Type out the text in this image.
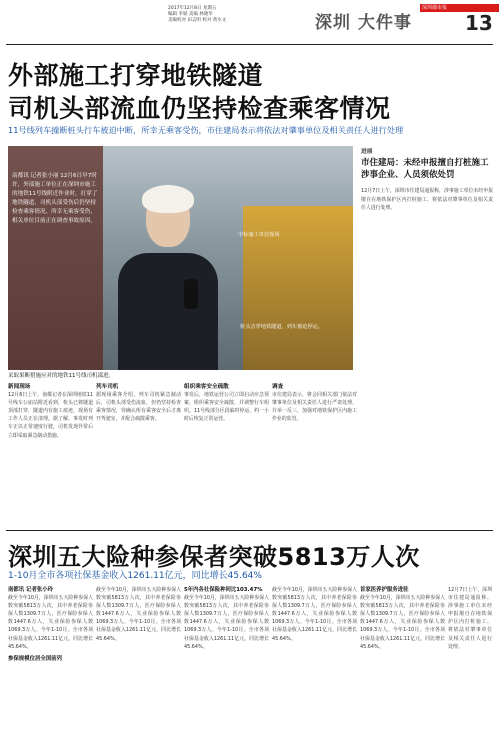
2017年12月8日 星期五
编辑 李斌 美编 林晓华
美编校对 田志明 校对 黄水文
深圳都市报
深圳 大件事	13
外部施工打穿地铁隧道
司机头部流血仍坚持检查乘客情况
11号线列车撞断桩头行车被迫中断，所幸无乘客受伤，市住建局表示将依法对肇事单位及相关责任人进行处理
中标施工单位现场
桩头击穿地铁隧道，列车被迫停运。
南都讯 记者张小丽 12月6日早7时许，外部施工单位正在深圳市施工的地铁11号线附近作业时，打穿了地铁隧道，司机头部受伤后仍坚持检查乘客情况。所幸无乘客受伤，相关单位目前正在调查事故原因。
采取果断措施应对的地铁11号线司机邵进。
新闻现场
12月6日上午，南都记者在深圳地铁11号线车公庙站附近看到，桩头已将隧道顶部打穿，隧道内有施工痕迹，现场有工作人员正在清理。据了解，事发时列车正以正常速度行驶，司机发现异常后立即采取紧急制动措施。
列车司机
据现场乘客介绍，列车司机紧急制动后，司机头部受伤流血，但仍坚持检查乘客情况，待确认所有乘客安全后才离开驾驶室，并配合疏散乘客。
组织乘客安全疏散
事发后，地铁运营公司立即启动应急预案，组织乘客安全疏散，并调整行车组织。11号线部分区段临时停运，约一小时后恢复正常运营。
调查
市住建局表示，将会同相关部门依法对肇事单位及相关责任人进行严肃处理，并举一反三，加强对地铁保护区内施工作业的监管。
进展
市住建局：未经申报擅自打桩施工涉事企业、人员须依处罚
12月7日上午，深圳市住建局通报称，涉事施工单位未经申报擅自在地铁保护区内打桩施工，将依法对肇事单位及相关责任人进行处理。
深圳五大险种参保者突破5813万人次
1-10月全市各项社保基金收入1261.11亿元，同比增长45.64%
南都讯 记者张小玲
截至今年10月，深圳市五大险种参保人数突破5813万人次，其中养老保险参保人数1309.7万人，医疗保险参保人数1447.6万人，失业保险参保人数1069.3万人。今年1-10月，全市各项社保基金收入1261.11亿元，同比增长45.64%。
参保规模位居全国前列
截至今年10月，深圳市五大险种参保人数突破5813万人次，其中养老保险参保人数1309.7万人，医疗保险参保人数1447.6万人，失业保险参保人数1069.3万人。今年1-10月，全市各项社保基金收入1261.11亿元，同比增长45.64%。
5年内各社保险种同比103.47%
截至今年10月，深圳市五大险种参保人数突破5813万人次，其中养老保险参保人数1309.7万人，医疗保险参保人数1447.6万人，失业保险参保人数1069.3万人。今年1-10月，全市各项社保基金收入1261.11亿元，同比增长45.64%。
截至今年10月，深圳市五大险种参保人数突破5813万人次，其中养老保险参保人数1309.7万人，医疗保险参保人数1447.6万人，失业保险参保人数1069.3万人。今年1-10月，全市各项社保基金收入1261.11亿元，同比增长45.64%。
首家医养护服务进驻
截至今年10月，深圳市五大险种参保人数突破5813万人次，其中养老保险参保人数1309.7万人，医疗保险参保人数1447.6万人，失业保险参保人数1069.3万人。今年1-10月，全市各项社保基金收入1261.11亿元，同比增长45.64%。
12月7日上午，深圳市住建局通报称，涉事施工单位未经申报擅自在地铁保护区内打桩施工，将依法对肇事单位及相关责任人进行处理。
